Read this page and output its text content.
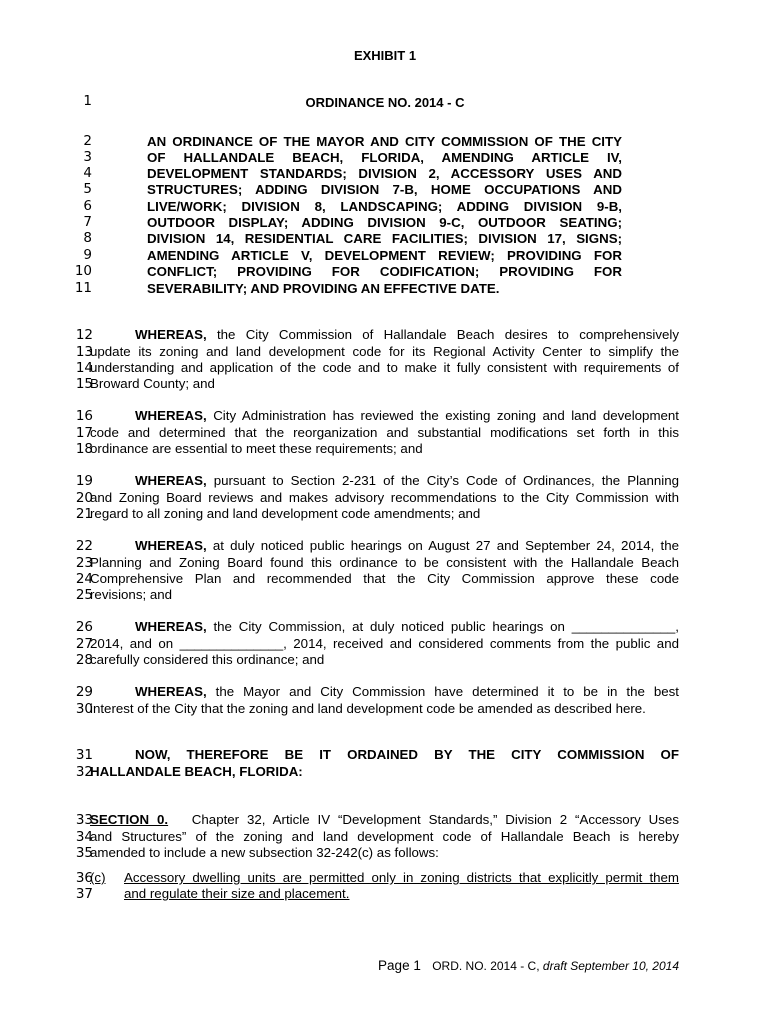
EXHIBIT 1
1	ORDINANCE NO. 2014 - C
2	AN ORDINANCE OF THE MAYOR AND CITY COMMISSION OF THE CITY
3	OF HALLANDALE BEACH, FLORIDA, AMENDING ARTICLE IV,
4	DEVELOPMENT STANDARDS; DIVISION 2, ACCESSORY USES AND
5	STRUCTURES; ADDING DIVISION 7-B, HOME OCCUPATIONS AND
6	LIVE/WORK; DIVISION 8, LANDSCAPING; ADDING DIVISION 9-B,
7	OUTDOOR DISPLAY; ADDING DIVISION 9-C, OUTDOOR SEATING;
8	DIVISION 14, RESIDENTIAL CARE FACILITIES; DIVISION 17, SIGNS;
9	AMENDING ARTICLE V, DEVELOPMENT REVIEW; PROVIDING FOR
10	CONFLICT; PROVIDING FOR CODIFICATION; PROVIDING FOR
11	SEVERABILITY; AND PROVIDING AN EFFECTIVE DATE.
12	WHEREAS, the City Commission of Hallandale Beach desires to comprehensively
13
update its zoning and land development code for its Regional Activity Center to simplify the
14
understanding and application of the code and to make it fully consistent with requirements of
15
Broward County; and
16	WHEREAS, City Administration has reviewed the existing zoning and land development
17
code and determined that the reorganization and substantial modifications set forth in this
18
ordinance are essential to meet these requirements; and
19	WHEREAS, pursuant to Section 2-231 of the City’s Code of Ordinances, the Planning
20
and Zoning Board reviews and makes advisory recommendations to the City Commission with
21
regard to all zoning and land development code amendments; and
22	WHEREAS, at duly noticed public hearings on August 27 and September 24, 2014, the
23
Planning and Zoning Board found this ordinance to be consistent with the Hallandale Beach
24
Comprehensive Plan and recommended that the City Commission approve these code
25
revisions; and
26	WHEREAS, the City Commission, at duly noticed public hearings on ______________,
27
2014, and on ______________, 2014, received and considered comments from the public and
28
carefully considered this ordinance; and
29	WHEREAS, the Mayor and City Commission have determined it to be in the best
30
interest of the City that the zoning and land development code be amended as described here.
31	NOW, THEREFORE BE IT ORDAINED BY THE CITY COMMISSION OF
32
HALLANDALE BEACH, FLORIDA:
33
SECTION 0. Chapter 32, Article IV “Development Standards,” Division 2 “Accessory Uses
34
and Structures” of the zoning and land development code of Hallandale Beach is hereby
35
amended to include a new subsection 32-242(c) as follows:
36
(c) Accessory dwelling units are permitted only in zoning districts that explicitly permit them
37 and regulate their size and placement.
Page 1 ORD. NO. 2014 - C, draft September 10, 2014
